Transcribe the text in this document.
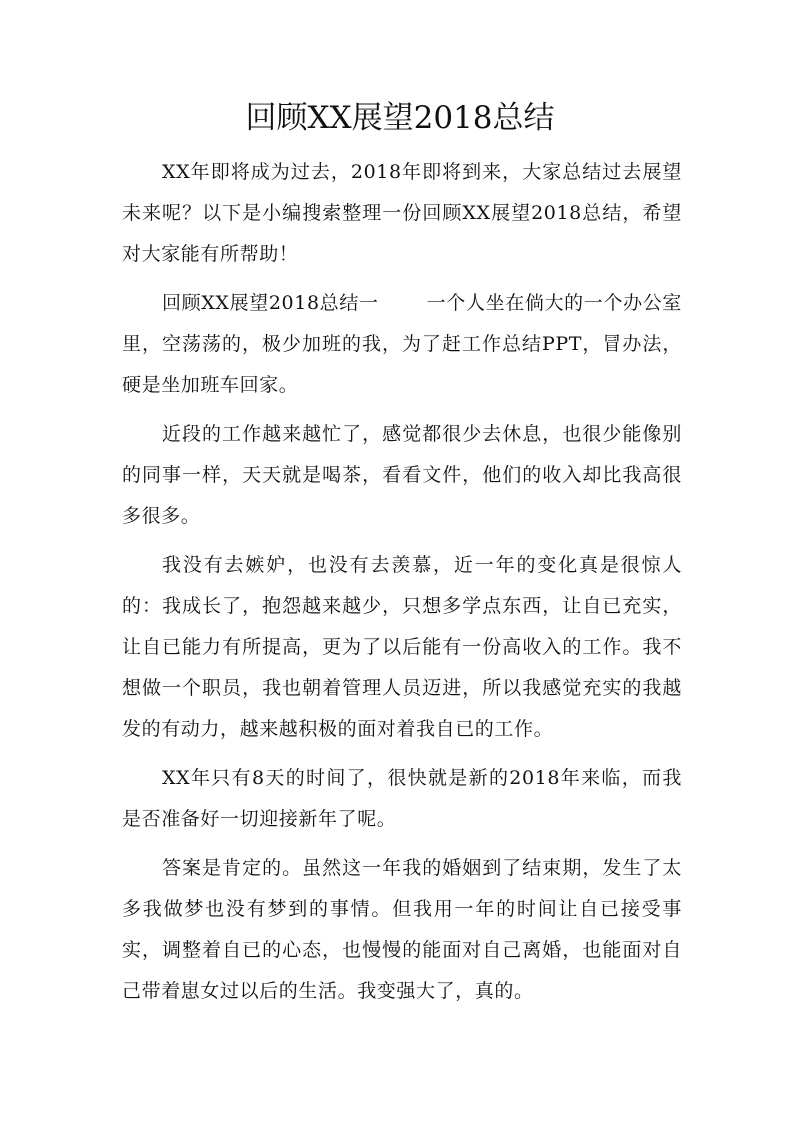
回顾XX展望2018总结

XX年即将成为过去，2018年即将到来，大家总结过去展望未来呢？以下是小编搜索整理一份回顾XX展望2018总结，希望对大家能有所帮助！

回顾XX展望2018总结一	一个人坐在倘大的一个办公室里，空荡荡的，极少加班的我，为了赶工作总结PPT，冒办法，硬是坐加班车回家。

近段的工作越来越忙了，感觉都很少去休息，也很少能像别的同事一样，天天就是喝茶，看看文件，他们的收入却比我高很多很多。

我没有去嫉妒，也没有去羡慕，近一年的变化真是很惊人的：我成长了，抱怨越来越少，只想多学点东西，让自已充实，让自已能力有所提高，更为了以后能有一份高收入的工作。我不想做一个职员，我也朝着管理人员迈进，所以我感觉充实的我越发的有动力，越来越积极的面对着我自已的工作。

XX年只有8天的时间了，很快就是新的2018年来临，而我是否准备好一切迎接新年了呢。

答案是肯定的。虽然这一年我的婚姻到了结束期，发生了太多我做梦也没有梦到的事情。但我用一年的时间让自已接受事实，调整着自已的心态，也慢慢的能面对自己离婚，也能面对自己带着崽女过以后的生活。我变强大了，真的。
